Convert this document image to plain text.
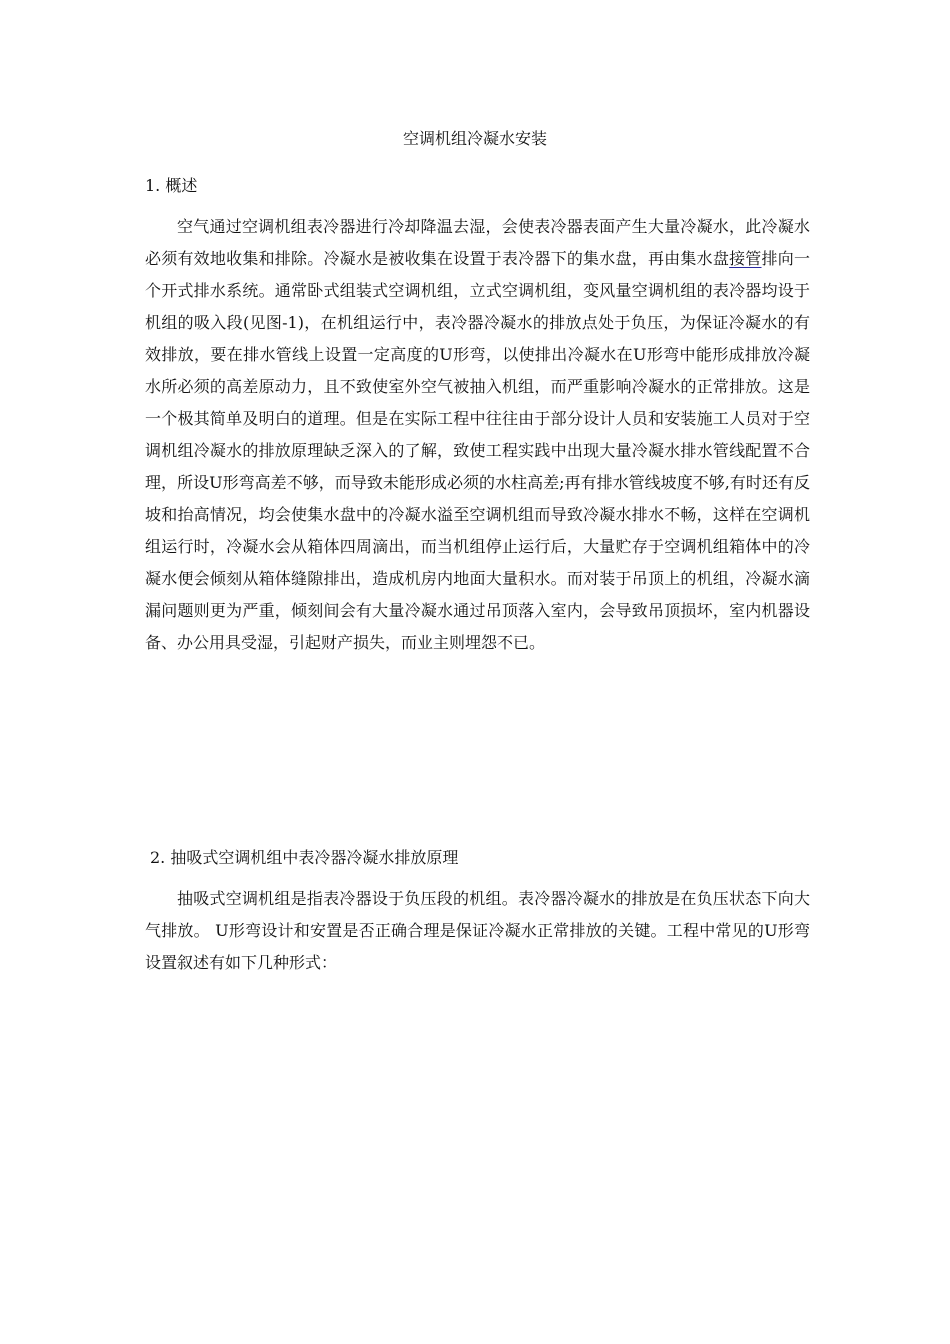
空调机组冷凝水安装
1. 概述

空气通过空调机组表冷器进行冷却降温去湿，会使表冷器表面产生大量冷凝水，此冷凝水必须有效地收集和排除。冷凝水是被收集在设置于表冷器下的集水盘，再由集水盘接管排向一个开式排水系统。通常卧式组装式空调机组，立式空调机组，变风量空调机组的表冷器均设于机组的吸入段(见图-1)，在机组运行中，表冷器冷凝水的排放点处于负压，为保证冷凝水的有效排放，要在排水管线上设置一定高度的U形弯，以使排出冷凝水在U形弯中能形成排放冷凝水所必须的高差原动力，且不致使室外空气被抽入机组，而严重影响冷凝水的正常排放。这是一个极其简单及明白的道理。但是在实际工程中往往由于部分设计人员和安装施工人员对于空调机组冷凝水的排放原理缺乏深入的了解，致使工程实践中出现大量冷凝水排水管线配置不合理，所设U形弯高差不够，而导致未能形成必须的水柱高差;再有排水管线坡度不够,有时还有反坡和抬高情况，均会使集水盘中的冷凝水溢至空调机组而导致冷凝水排水不畅，这样在空调机组运行时，冷凝水会从箱体四周滴出，而当机组停止运行后，大量贮存于空调机组箱体中的冷凝水便会倾刻从箱体缝隙排出，造成机房内地面大量积水。而对装于吊顶上的机组，冷凝水滴漏问题则更为严重，倾刻间会有大量冷凝水通过吊顶落入室内，会导致吊顶损坏，室内机器设备、办公用具受湿，引起财产损失，而业主则埋怨不已。

2. 抽吸式空调机组中表冷器冷凝水排放原理

抽吸式空调机组是指表冷器设于负压段的机组。表冷器冷凝水的排放是在负压状态下向大气排放。 U形弯设计和安置是否正确合理是保证冷凝水正常排放的关键。工程中常见的U形弯设置叙述有如下几种形式：
